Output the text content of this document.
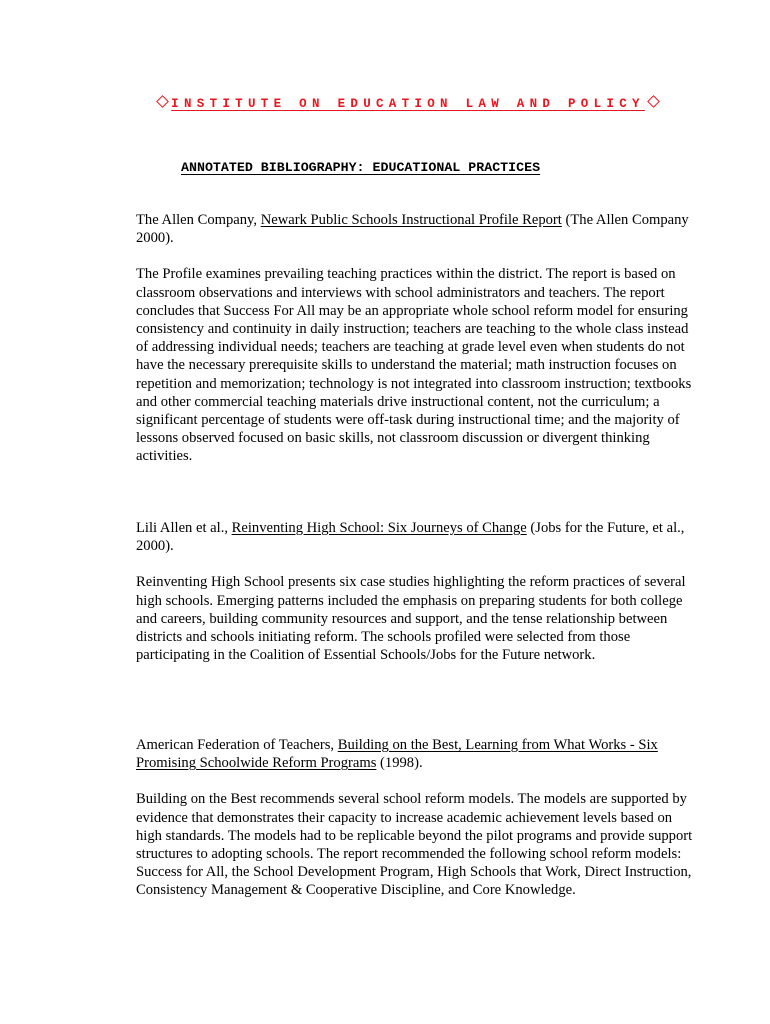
INSTITUTE ON EDUCATION LAW AND POLICY
ANNOTATED BIBLIOGRAPHY: EDUCATIONAL PRACTICES

The Allen Company, Newark Public Schools Instructional Profile Report (The Allen Company 2000).

The Profile examines prevailing teaching practices within the district. The report is based on classroom observations and interviews with school administrators and teachers. The report concludes that Success For All may be an appropriate whole school reform model for ensuring consistency and continuity in daily instruction; teachers are teaching to the whole class instead of addressing individual needs; teachers are teaching at grade level even when students do not have the necessary prerequisite skills to understand the material; math instruction focuses on repetition and memorization; technology is not integrated into classroom instruction; textbooks and other commercial teaching materials drive instructional content, not the curriculum; a significant percentage of students were off-task during instructional time; and the majority of lessons observed focused on basic skills, not classroom discussion or divergent thinking activities.

Lili Allen et al., Reinventing High School: Six Journeys of Change (Jobs for the Future, et al., 2000).

Reinventing High School presents six case studies highlighting the reform practices of several high schools. Emerging patterns included the emphasis on preparing students for both college and careers, building community resources and support, and the tense relationship between districts and schools initiating reform. The schools profiled were selected from those participating in the Coalition of Essential Schools/Jobs for the Future network.

American Federation of Teachers, Building on the Best, Learning from What Works - Six Promising Schoolwide Reform Programs (1998).

Building on the Best recommends several school reform models. The models are supported by evidence that demonstrates their capacity to increase academic achievement levels based on high standards. The models had to be replicable beyond the pilot programs and provide support structures to adopting schools. The report recommended the following school reform models: Success for All, the School Development Program, High Schools that Work, Direct Instruction, Consistency Management & Cooperative Discipline, and Core Knowledge.
